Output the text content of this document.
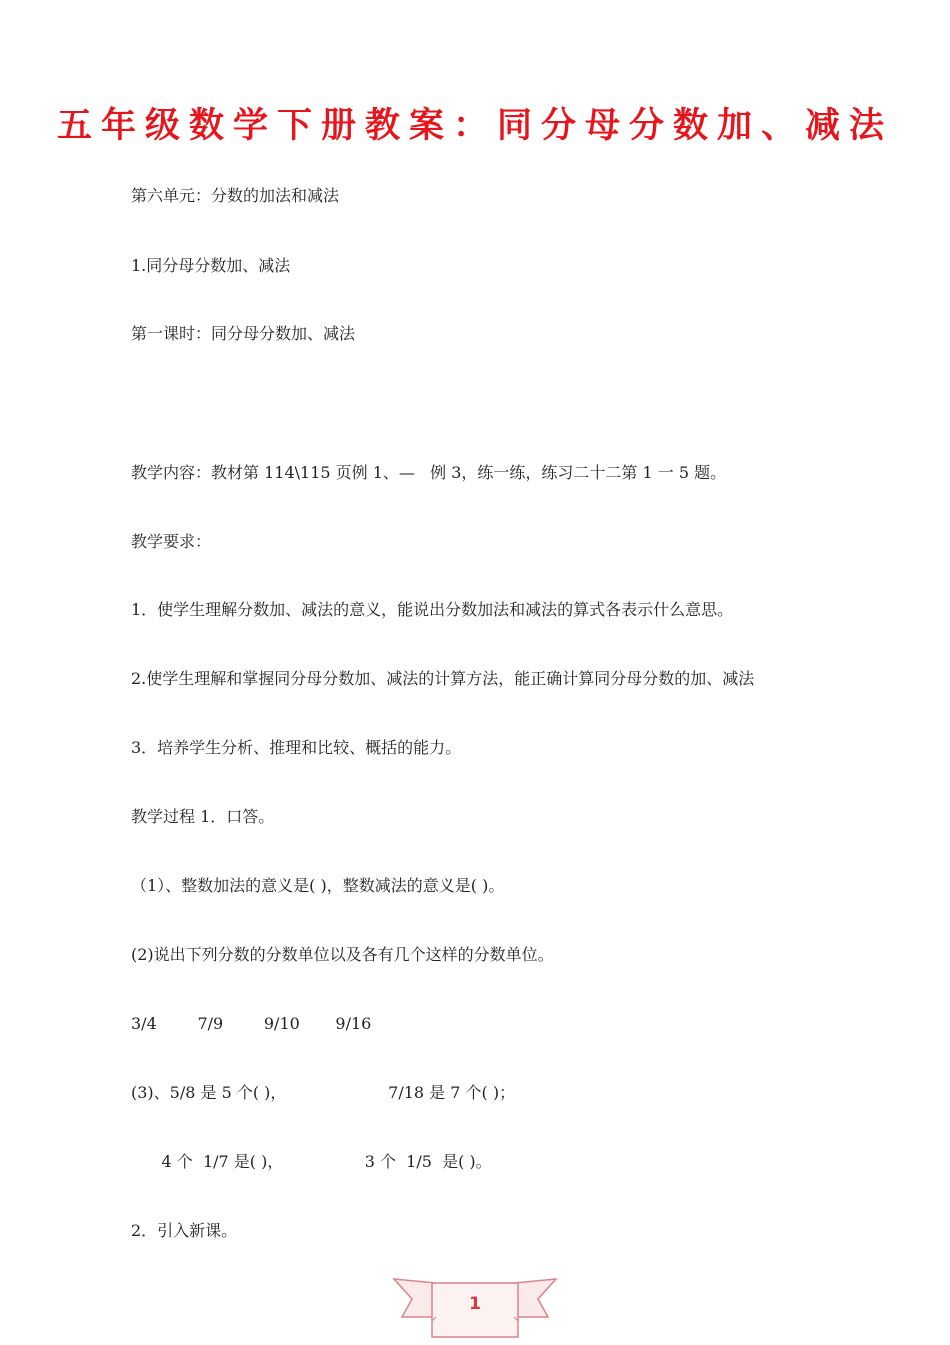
五年级数学下册教案：同分母分数加、减法
第六单元：分数的加法和减法
1.同分母分数加、减法
第一课时：同分母分数加、减法
教学内容：教材第 114\115 页例 1、—   例 3，练一练，练习二十二第 1 一 5 题。
教学要求：
1．使学生理解分数加、减法的意义，能说出分数加法和减法的算式各表示什么意思。
2.使学生理解和掌握同分母分数加、减法的计算方法，能正确计算同分母分数的加、减法
3．培养学生分析、推理和比较、概括的能力。
教学过程 1．口答。
（1）、整数加法的意义是( )，整数减法的意义是( )。
(2)说出下列分数的分数单位以及各有几个这样的分数单位。
3/4        7/9        9/10       9/16
(3)、5/8 是 5 个( )，                    7/18 是 7 个( )；
4 个  1/7 是( )，                3 个  1/5  是( )。
2．引入新课。
1
